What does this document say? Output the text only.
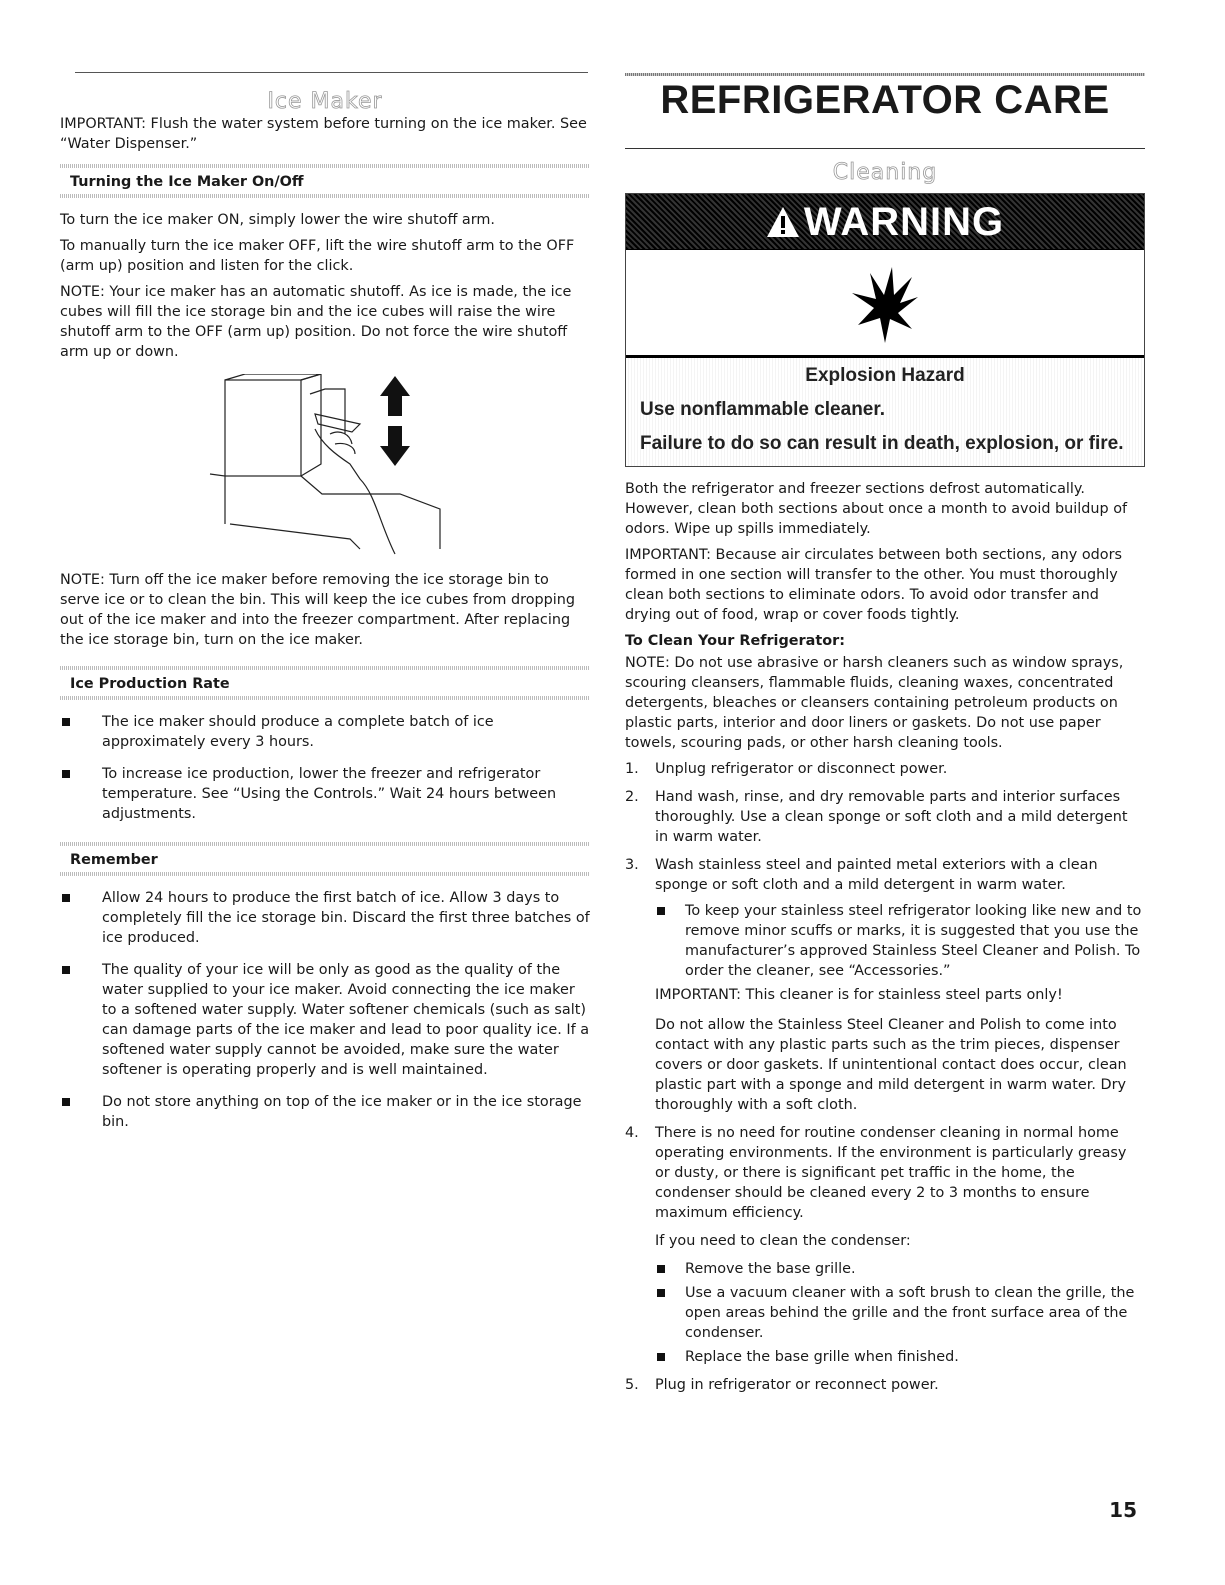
Ice Maker

IMPORTANT: Flush the water system before turning on the ice maker. See “Water Dispenser.”

Turning the Ice Maker On/Off

To turn the ice maker ON, simply lower the wire shutoff arm.

To manually turn the ice maker OFF, lift the wire shutoff arm to the OFF (arm up) position and listen for the click.

NOTE: Your ice maker has an automatic shutoff. As ice is made, the ice cubes will fill the ice storage bin and the ice cubes will raise the wire shutoff arm to the OFF (arm up) position. Do not force the wire shutoff arm up or down.

NOTE: Turn off the ice maker before removing the ice storage bin to serve ice or to clean the bin. This will keep the ice cubes from dropping out of the ice maker and into the freezer compartment. After replacing the ice storage bin, turn on the ice maker.

Ice Production Rate
The ice maker should produce a complete batch of ice approximately every 3 hours.
To increase ice production, lower the freezer and refrigerator temperature. See “Using the Controls.” Wait 24 hours between adjustments.
Remember
Allow 24 hours to produce the first batch of ice. Allow 3 days to completely fill the ice storage bin. Discard the first three batches of ice produced.
The quality of your ice will be only as good as the quality of the water supplied to your ice maker. Avoid connecting the ice maker to a softened water supply. Water softener chemicals (such as salt) can damage parts of the ice maker and lead to poor quality ice. If a softened water supply cannot be avoided, make sure the water softener is operating properly and is well maintained.
Do not store anything on top of the ice maker or in the ice storage bin.
REFRIGERATOR CARE
Cleaning
WARNING
Explosion Hazard
Use nonflammable cleaner.
Failure to do so can result in death, explosion, or fire.

Both the refrigerator and freezer sections defrost automatically. However, clean both sections about once a month to avoid buildup of odors. Wipe up spills immediately.

IMPORTANT: Because air circulates between both sections, any odors formed in one section will transfer to the other. You must thoroughly clean both sections to eliminate odors. To avoid odor transfer and drying out of food, wrap or cover foods tightly.

To Clean Your Refrigerator:

NOTE: Do not use abrasive or harsh cleaners such as window sprays, scouring cleansers, flammable fluids, cleaning waxes, concentrated detergents, bleaches or cleansers containing petroleum products on plastic parts, interior and door liners or gaskets. Do not use paper towels, scouring pads, or other harsh cleaning tools.

1. Unplug refrigerator or disconnect power.
2. Hand wash, rinse, and dry removable parts and interior surfaces thoroughly. Use a clean sponge or soft cloth and a mild detergent in warm water.
3. Wash stainless steel and painted metal exteriors with a clean sponge or soft cloth and a mild detergent in warm water.
To keep your stainless steel refrigerator looking like new and to remove minor scuffs or marks, it is suggested that you use the manufacturer’s approved Stainless Steel Cleaner and Polish. To order the cleaner, see “Accessories.”

IMPORTANT: This cleaner is for stainless steel parts only!

Do not allow the Stainless Steel Cleaner and Polish to come into contact with any plastic parts such as the trim pieces, dispenser covers or door gaskets. If unintentional contact does occur, clean plastic part with a sponge and mild detergent in warm water. Dry thoroughly with a soft cloth.

4. There is no need for routine condenser cleaning in normal home operating environments. If the environment is particularly greasy or dusty, or there is significant pet traffic in the home, the condenser should be cleaned every 2 to 3 months to ensure maximum efficiency.

If you need to clean the condenser:

Remove the base grille.
Use a vacuum cleaner with a soft brush to clean the grille, the open areas behind the grille and the front surface area of the condenser.
Replace the base grille when finished.
5. Plug in refrigerator or reconnect power.
15
